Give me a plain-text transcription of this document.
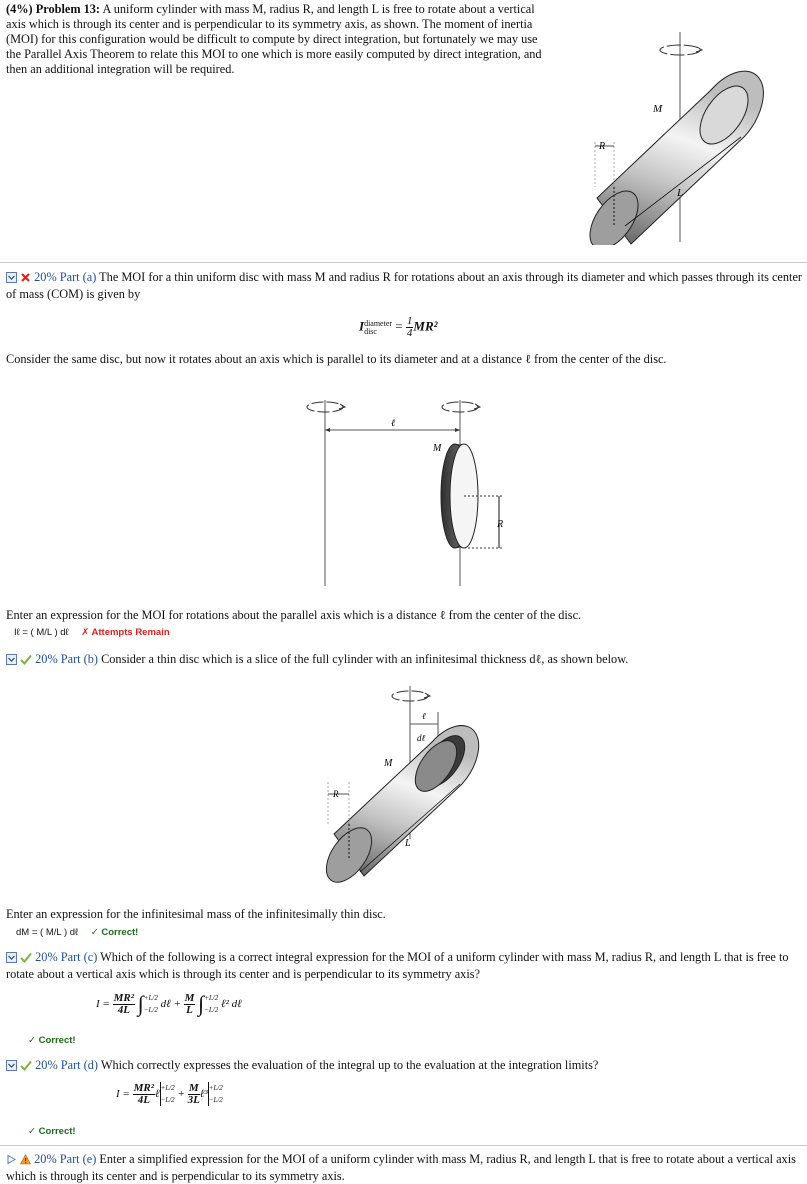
(4%) Problem 13: A uniform cylinder with mass M, radius R, and length L is free to rotate about a vertical axis which is through its center and is perpendicular to its symmetry axis, as shown. The moment of inertia (MOI) for this configuration would be difficult to compute by direct integration, but fortunately we may use the Parallel Axis Theorem to relate this MOI to one which is more easily computed by direct integration, and then an additional integration will be required.
R
M
L
20% Part (a) The MOI for a thin uniform disc with mass M and radius R for rotations about an axis through its diameter and which passes through its center of mass (COM) is given by
I diameter
disc	= $\frac{1}{4} MR^2$
Consider the same disc, but now it rotates about an axis which is parallel to its diameter and at a distance ℓ from the center of the disc.
ℓ
M
R
Enter an expression for the MOI for rotations about the parallel axis which is a distance ℓ from the center of the disc.
Iℓ = ( M/L ) dℓ ✗ Attempts Remain
20% Part (b) Consider a thin disc which is a slice of the full cylinder with an infinitesimal thickness dℓ, as shown below.
ℓ
dℓ
R
M
L
Enter an expression for the infinitesimal mass of the infinitesimally thin disc.
dM = ( M/L ) dℓ ✓ Correct!
20% Part (c) Which of the following is a correct integral expression for the MOI of a uniform cylinder with mass M, radius R, and length L that is free to rotate about a vertical axis which is through its center and is perpendicular to its symmetry axis?
$I = \frac{\text{MR²}}{4L}$ ∫ +L/2
−L/2
dℓ + $\frac{M}{L}$ ∫ +L/2
−L/2
ℓ² dℓ
✓ Correct!
20% Part (d) Which correctly expresses the evaluation of the integral up to the evaluation at the integration limits?
$I = \frac{\text{MR²}}{4L}$ ℓ +L/2
−L/2
+ $\frac{M}{3L}$ ℓ³ +L/2
−L/2
✓ Correct!
20% Part (e) Enter a simplified expression for the MOI of a uniform cylinder with mass M, radius R, and length L that is free to rotate about a vertical axis which is through its center and is perpendicular to its symmetry axis.
